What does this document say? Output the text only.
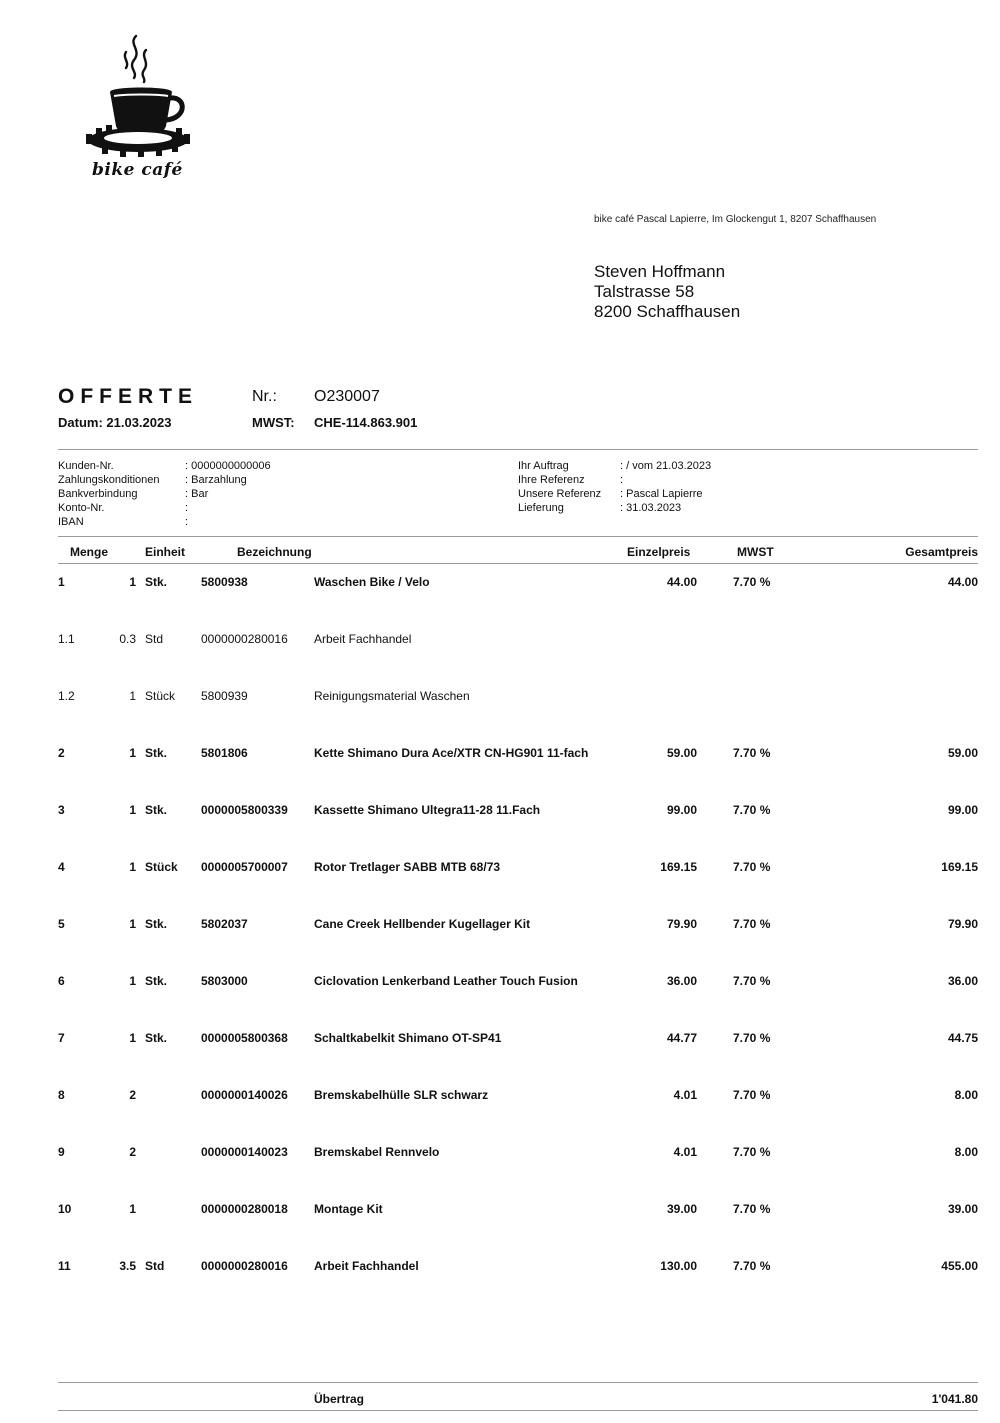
bike café
bike café Pascal Lapierre, Im Glockengut 1, 8207 Schaffhausen
Steven Hoffmann
Talstrasse 58
8200 Schaffhausen
OFFERTE	Nr.: O230007
Datum: 21.03.2023	MWST: CHE-114.863.901
Kunden-Nr.	: 0000000000006
Zahlungskonditionen : Barzahlung
Bankverbindung	: Bar
Konto-Nr.	:
IBAN	:
Ihr Auftrag	: / vom 21.03.2023
Ihre Referenz	:
Unsere Referenz : Pascal Lapierre
Lieferung	: 31.03.2023
Menge	Einheit	Bezeichnung	Einzelpreis	MWST	Gesamtpreis
1	1 Stk.	5800938	Waschen Bike / Velo	44.00	7.70 %	44.00
1.1	0.3 Std	0000000280016	Arbeit Fachhandel
1.2	1 Stück	5800939	Reinigungsmaterial Waschen
2	1 Stk.	5801806	Kette Shimano Dura Ace/XTR CN-HG901 11-fach	59.00	7.70 %	59.00
3	1 Stk.	0000005800339	Kassette Shimano Ultegra11-28 11.Fach	99.00	7.70 %	99.00
4	1 Stück	0000005700007	Rotor Tretlager SABB MTB 68/73	169.15	7.70 %	169.15
5	1 Stk.	5802037	Cane Creek Hellbender Kugellager Kit	79.90	7.70 %	79.90
6	1 Stk.	5803000	Ciclovation Lenkerband Leather Touch Fusion	36.00	7.70 %	36.00
7	1 Stk.	0000005800368	Schaltkabelkit Shimano OT-SP41	44.77	7.70 %	44.75
8	2	0000000140026	Bremskabelhülle SLR schwarz	4.01	7.70 %	8.00
9	2	0000000140023	Bremskabel Rennvelo	4.01	7.70 %	8.00
10	1	0000000280018	Montage Kit	39.00	7.70 %	39.00
11	3.5 Std	0000000280016	Arbeit Fachhandel	130.00	7.70 %	455.00
Übertrag	1'041.80
